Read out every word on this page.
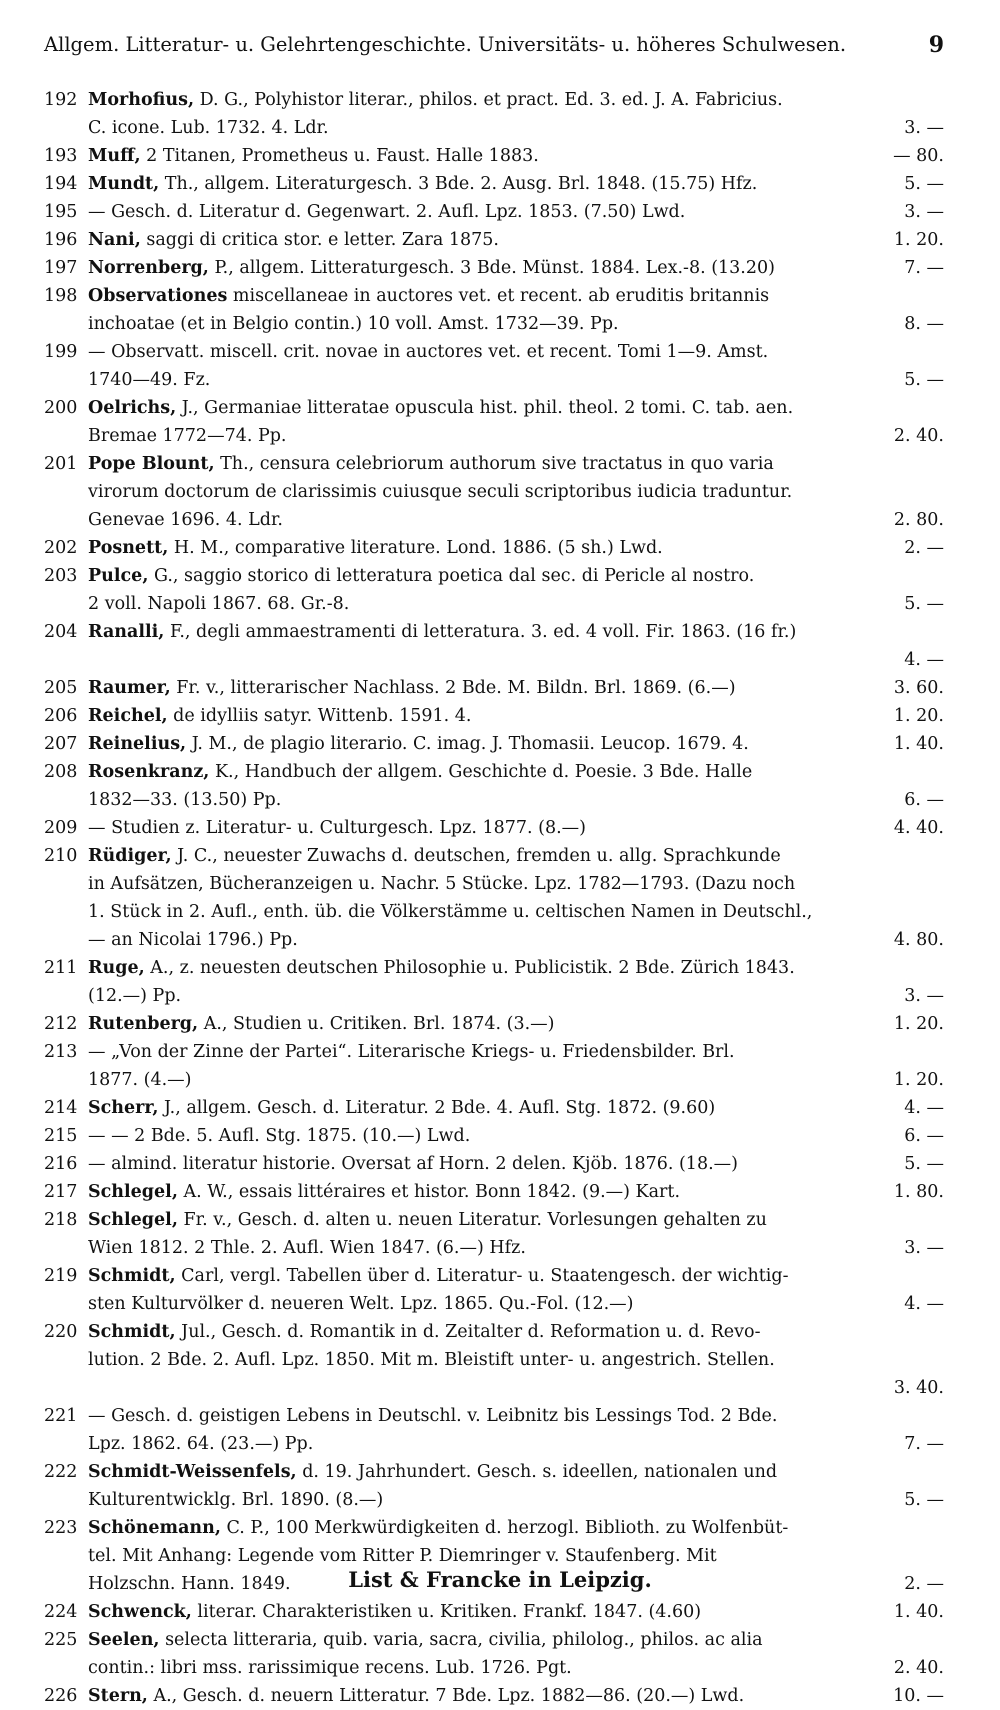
Allgem. Litteratur- u. Gelehrtengeschichte. Universitäts- u. höheres Schulwesen.	9
192 Morhofius, D. G., Polyhistor literar., philos. et pract. Ed. 3. ed. J. A. Fabricius.
C. icone. Lub. 1732. 4. Ldr.	3. —
193 Muff, 2 Titanen, Prometheus u. Faust. Halle 1883.	— 80.
194 Mundt, Th., allgem. Literaturgesch. 3 Bde. 2. Ausg. Brl. 1848. (15.75) Hfz.	5. —
195 — Gesch. d. Literatur d. Gegenwart. 2. Aufl. Lpz. 1853. (7.50) Lwd.	3. —
196 Nani, saggi di critica stor. e letter. Zara 1875.	1. 20.
197 Norrenberg, P., allgem. Litteraturgesch. 3 Bde. Münst. 1884. Lex.-8. (13.20)	7. —
198 Observationes miscellaneae in auctores vet. et recent. ab eruditis britannis
inchoatae (et in Belgio contin.) 10 voll. Amst. 1732—39. Pp.	8. —
199 — Observatt. miscell. crit. novae in auctores vet. et recent. Tomi 1—9. Amst.
1740—49. Fz.	5. —
200 Oelrichs, J., Germaniae litteratae opuscula hist. phil. theol. 2 tomi. C. tab. aen.
Bremae 1772—74. Pp.	2. 40.
201 Pope Blount, Th., censura celebriorum authorum sive tractatus in quo varia
virorum doctorum de clarissimis cuiusque seculi scriptoribus iudicia traduntur.
Genevae 1696. 4. Ldr.	2. 80.
202 Posnett, H. M., comparative literature. Lond. 1886. (5 sh.) Lwd.	2. —
203 Pulce, G., saggio storico di letteratura poetica dal sec. di Pericle al nostro.
2 voll. Napoli 1867. 68. Gr.-8.	5. —
204 Ranalli, F., degli ammaestramenti di letteratura. 3. ed. 4 voll. Fir. 1863. (16 fr.)
4. —
205 Raumer, Fr. v., litterarischer Nachlass. 2 Bde. M. Bildn. Brl. 1869. (6.—)	3. 60.
206 Reichel, de idylliis satyr. Wittenb. 1591. 4.	1. 20.
207 Reinelius, J. M., de plagio literario. C. imag. J. Thomasii. Leucop. 1679. 4.	1. 40.
208 Rosenkranz, K., Handbuch der allgem. Geschichte d. Poesie. 3 Bde. Halle
1832—33. (13.50) Pp.	6. —
209 — Studien z. Literatur- u. Culturgesch. Lpz. 1877. (8.—)	4. 40.
210 Rüdiger, J. C., neuester Zuwachs d. deutschen, fremden u. allg. Sprachkunde
in Aufsätzen, Bücheranzeigen u. Nachr. 5 Stücke. Lpz. 1782—1793. (Dazu noch
1. Stück in 2. Aufl., enth. üb. die Völkerstämme u. celtischen Namen in Deutschl.,
— an Nicolai 1796.) Pp.	4. 80.
211 Ruge, A., z. neuesten deutschen Philosophie u. Publicistik. 2 Bde. Zürich 1843.
(12.—) Pp.	3. —
212 Rutenberg, A., Studien u. Critiken. Brl. 1874. (3.—)	1. 20.
213 — „Von der Zinne der Partei“. Literarische Kriegs- u. Friedensbilder. Brl.
1877. (4.—)	1. 20.
214 Scherr, J., allgem. Gesch. d. Literatur. 2 Bde. 4. Aufl. Stg. 1872. (9.60)	4. —
215 — — 2 Bde. 5. Aufl. Stg. 1875. (10.—) Lwd.	6. —
216 — almind. literatur historie. Oversat af Horn. 2 delen. Kjöb. 1876. (18.—)	5. —
217 Schlegel, A. W., essais littéraires et histor. Bonn 1842. (9.—) Kart.	1. 80.
218 Schlegel, Fr. v., Gesch. d. alten u. neuen Literatur. Vorlesungen gehalten zu
Wien 1812. 2 Thle. 2. Aufl. Wien 1847. (6.—) Hfz.	3. —
219 Schmidt, Carl, vergl. Tabellen über d. Literatur- u. Staatengesch. der wichtig-
sten Kulturvölker d. neueren Welt. Lpz. 1865. Qu.-Fol. (12.—)	4. —
220 Schmidt, Jul., Gesch. d. Romantik in d. Zeitalter d. Reformation u. d. Revo-
lution. 2 Bde. 2. Aufl. Lpz. 1850. Mit m. Bleistift unter- u. angestrich. Stellen.
3. 40.
221 — Gesch. d. geistigen Lebens in Deutschl. v. Leibnitz bis Lessings Tod. 2 Bde.
Lpz. 1862. 64. (23.—) Pp.	7. —
222 Schmidt-Weissenfels, d. 19. Jahrhundert. Gesch. s. ideellen, nationalen und
Kulturentwicklg. Brl. 1890. (8.—)	5. —
223 Schönemann, C. P., 100 Merkwürdigkeiten d. herzogl. Biblioth. zu Wolfenbüt-
tel. Mit Anhang: Legende vom Ritter P. Diemringer v. Staufenberg. Mit
Holzschn. Hann. 1849.	2. —
224 Schwenck, literar. Charakteristiken u. Kritiken. Frankf. 1847. (4.60)	1. 40.
225 Seelen, selecta litteraria, quib. varia, sacra, civilia, philolog., philos. ac alia
contin.: libri mss. rarissimique recens. Lub. 1726. Pgt.	2. 40.
226 Stern, A., Gesch. d. neuern Litteratur. 7 Bde. Lpz. 1882—86. (20.—) Lwd.	10. —
List & Francke in Leipzig.
